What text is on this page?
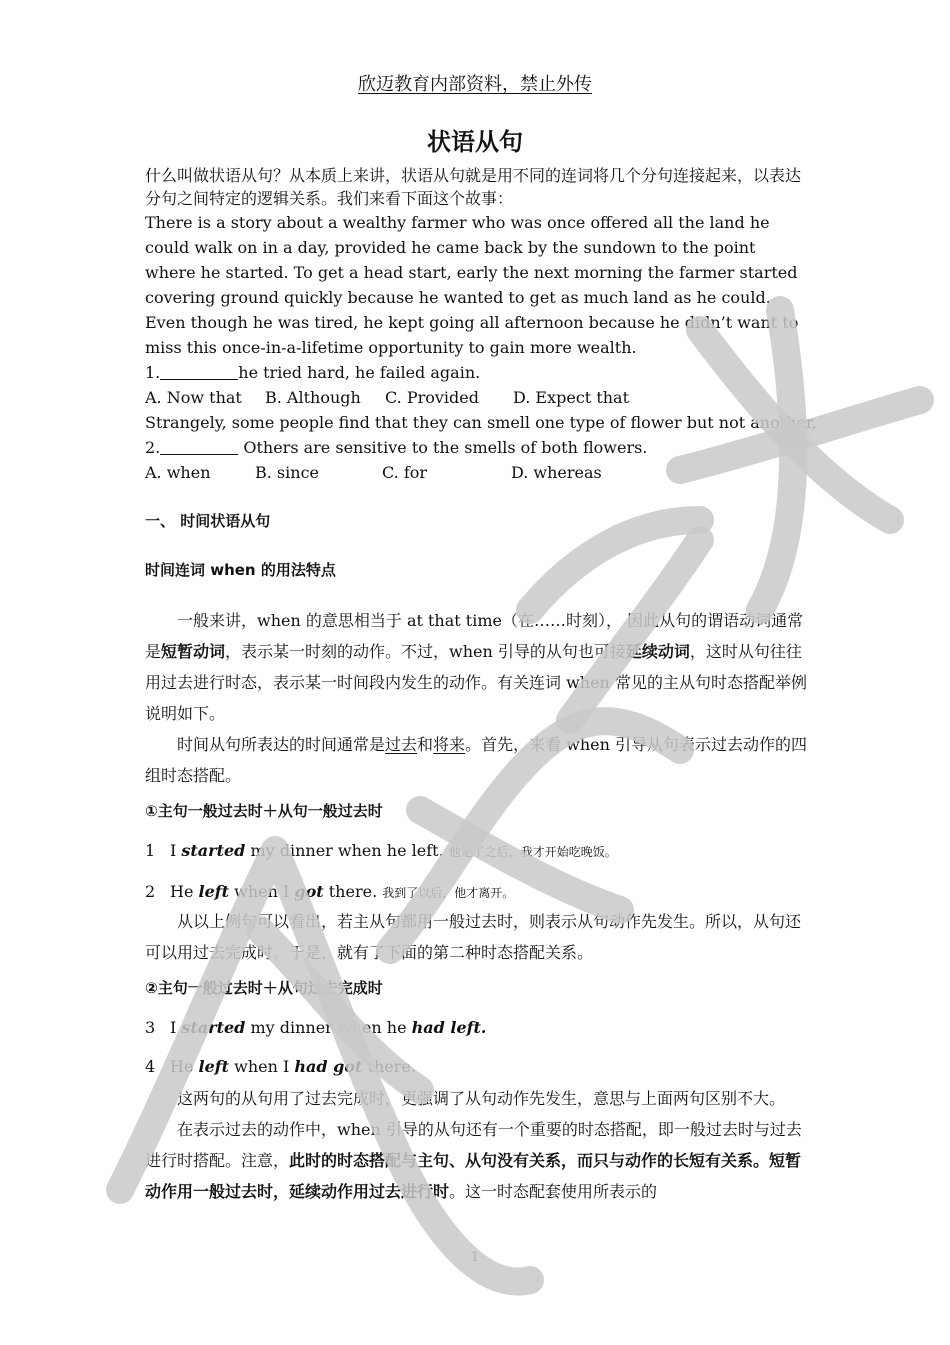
欣迈教育内部资料，禁止外传
状语从句

什么叫做状语从句？从本质上来讲，状语从句就是用不同的连词将几个分句连接起来，以表达分句之间特定的逻辑关系。我们来看下面这个故事：

There is a story about a wealthy farmer who was once offered all the land he could walk on in a day, provided he came back by the sundown to the point where he started. To get a head start, early the next morning the farmer started covering ground quickly because he wanted to get as much land as he could. Even though he was tired, he kept going all afternoon because he didn’t want to miss this once-in-a-lifetime opportunity to gain more wealth.

1.	he tried hard, he failed again.

A. Now that	B. Although	C. Provided	D. Expect that

Strangely, some people find that they can smell one type of flower but not another,

2.	Others are sensitive to the smells of both flowers.

A. when	B. since	C. for	D. whereas

一、 时间状语从句
时间连词 when 的用法特点

一般来讲，when 的意思相当于 at that time（在……时刻）， 因此从句的谓语动词通常是短暂动词，表示某一时刻的动作。不过，when 引导的从句也可接延续动词，这时从句往往用过去进行时态，表示某一时间段内发生的动作。有关连词 when 常见的主从句时态搭配举例说明如下。

时间从句所表达的时间通常是过去和将来。首先，来看 when 引导从句表示过去动作的四组时态搭配。

①主句一般过去时＋从句一般过去时

1 I started my dinner when he left. 他走了之后，我才开始吃晚饭。

2 He left when I got there. 我到了以后，他才离开。

从以上例句可以看出，若主从句都用一般过去时，则表示从句动作先发生。所以，从句还可以用过去完成时。于是，就有了下面的第二种时态搭配关系。

②主句一般过去时＋从句过去完成时

3 I started my dinner when he had left.

4 He left when I had got there.

这两句的从句用了过去完成时，更强调了从句动作先发生，意思与上面两句区别不大。

在表示过去的动作中，when 引导的从句还有一个重要的时态搭配，即一般过去时与过去进行时搭配。注意，此时的时态搭配与主句、从句没有关系，而只与动作的长短有关系。短暂动作用一般过去时，延续动作用过去进行时。这一时态配套使用所表示的

1
